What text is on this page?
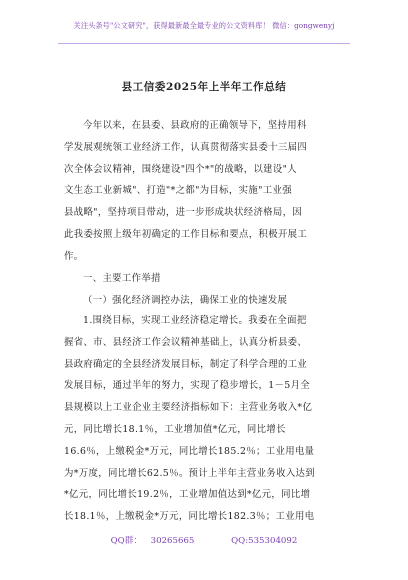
关注头条号"公文研究"，获得最新最全最专业的公文资料库！ 微信：gongwenyj
县工信委2025年上半年工作总结
今年以来，在县委、县政府的正确领导下，坚持用科
学发展观统领工业经济工作，认真贯彻落实县委十三届四
次全体会议精神，围绕建设"四个*"的战略，以建设"人
文生态工业新城"、打造"*之都"为目标，实施"工业强
县战略"，坚持项目带动，进一步形成块状经济格局，因
此我委按照上级年初确定的工作目标和要点，积极开展工
作。
一、主要工作举措
（一）强化经济调控办法，确保工业的快速发展
1.围绕目标，实现工业经济稳定增长。我委在全面把
握省、市、县经济工作会议精神基础上，认真分析县委、
县政府确定的全县经济发展目标，制定了科学合理的工业
发展目标，通过半年的努力，实现了稳步增长，1－5月全
县规模以上工业企业主要经济指标如下：主营业务收入*亿
元，同比增长18.1％，工业增加值*亿元，同比增长
16.6％，上缴税金*万元，同比增长185.2％；工业用电量
为*万度，同比增长62.5％。预计上半年主营业务收入达到
*亿元，同比增长19.2％，工业增加值达到*亿元，同比增
长18.1％，上缴税金*万元，同比增长182.3％；工业用电
QQ群： 30265665	QQ:535304092
